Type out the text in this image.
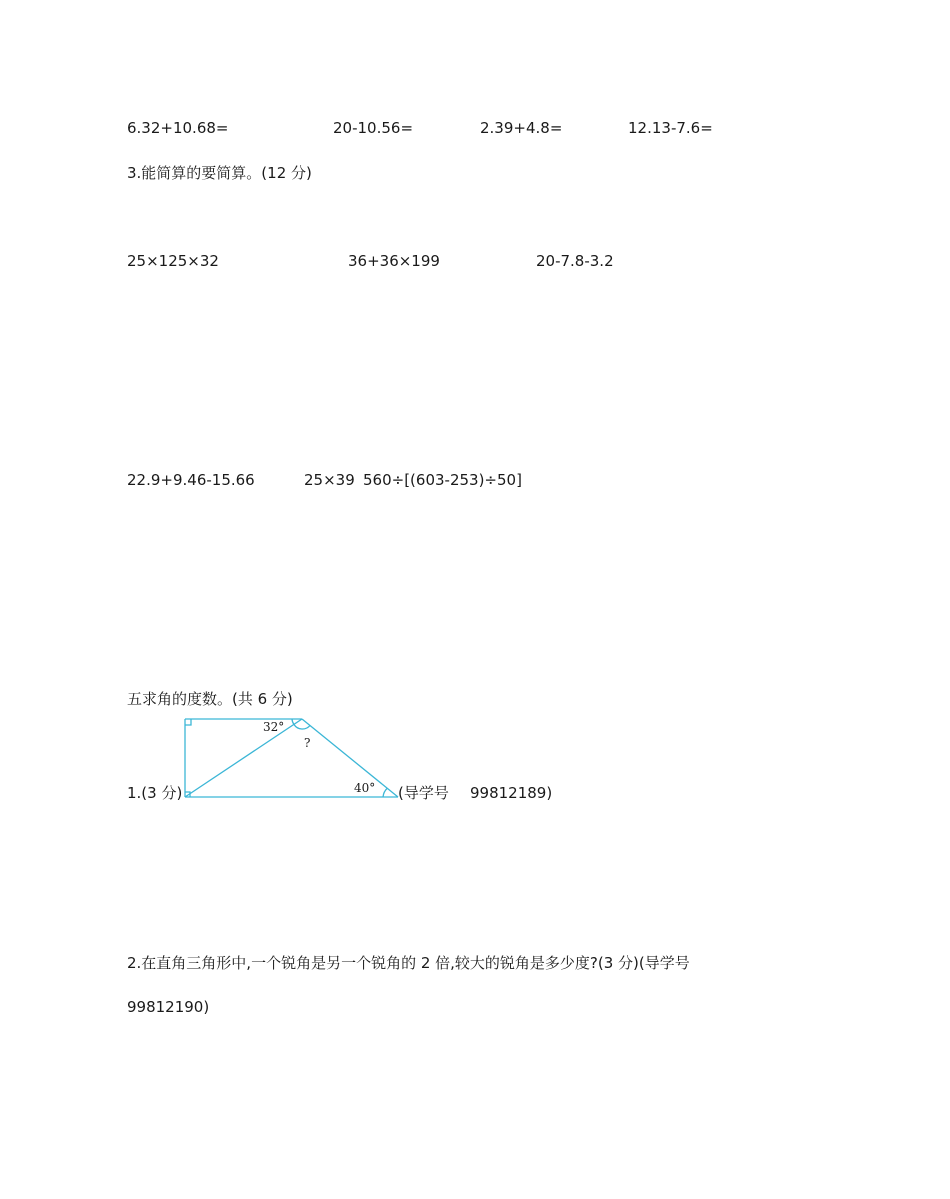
6.32+10.68=	20-10.56=	2.39+4.8=	12.13-7.6=
3.能简算的要简算。(12 分)
25×125×32	36+36×199	20-7.8-3.2
22.9+9.46-15.66	25×39 560÷[(603-253)÷50]
五求角的度数。(共 6 分)
1.(3 分)
32°
?
40° (导学号 99812189)
2.在直角三角形中,一个锐角是另一个锐角的 2 倍,较大的锐角是多少度?(3 分)(导学号
99812190)
